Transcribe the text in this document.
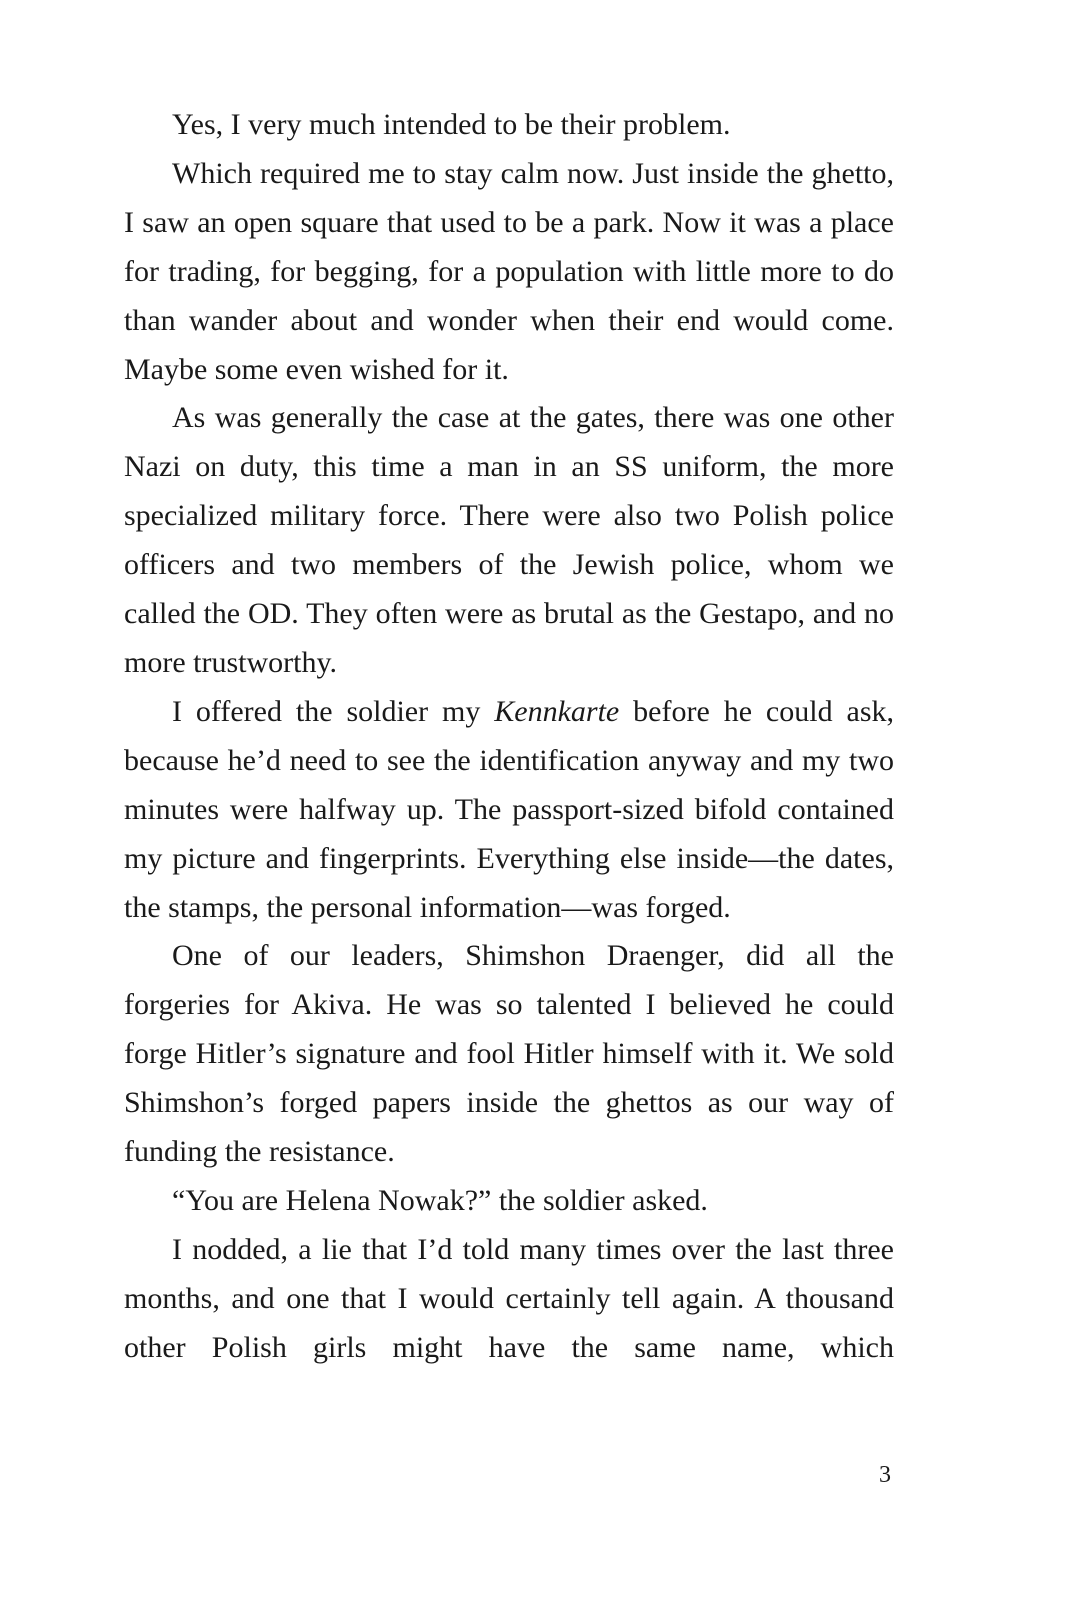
Yes, I very much intended to be their problem.

Which required me to stay calm now. Just inside the ghetto, I saw an open square that used to be a park. Now it was a place for trading, for begging, for a population with little more to do than wander about and wonder when their end would come. Maybe some even wished for it.

As was generally the case at the gates, there was one other Nazi on duty, this time a man in an SS uniform, the more specialized military force. There were also two Polish police officers and two members of the Jewish police, whom we called the OD. They often were as brutal as the Gestapo, and no more trustworthy.

I offered the soldier my Kennkarte before he could ask, because he’d need to see the identification anyway and my two minutes were halfway up. The passport-sized bifold contained my picture and fingerprints. Everything else inside—the dates, the stamps, the personal information—was forged.

One of our leaders, Shimshon Draenger, did all the forgeries for Akiva. He was so talented I believed he could forge Hitler’s signature and fool Hitler himself with it. We sold Shimshon’s forged papers inside the ghettos as our way of funding the resistance.

“You are Helena Nowak?” the soldier asked.

I nodded, a lie that I’d told many times over the last three months, and one that I would certainly tell again. A thousand other Polish girls might have the same name, which

3
